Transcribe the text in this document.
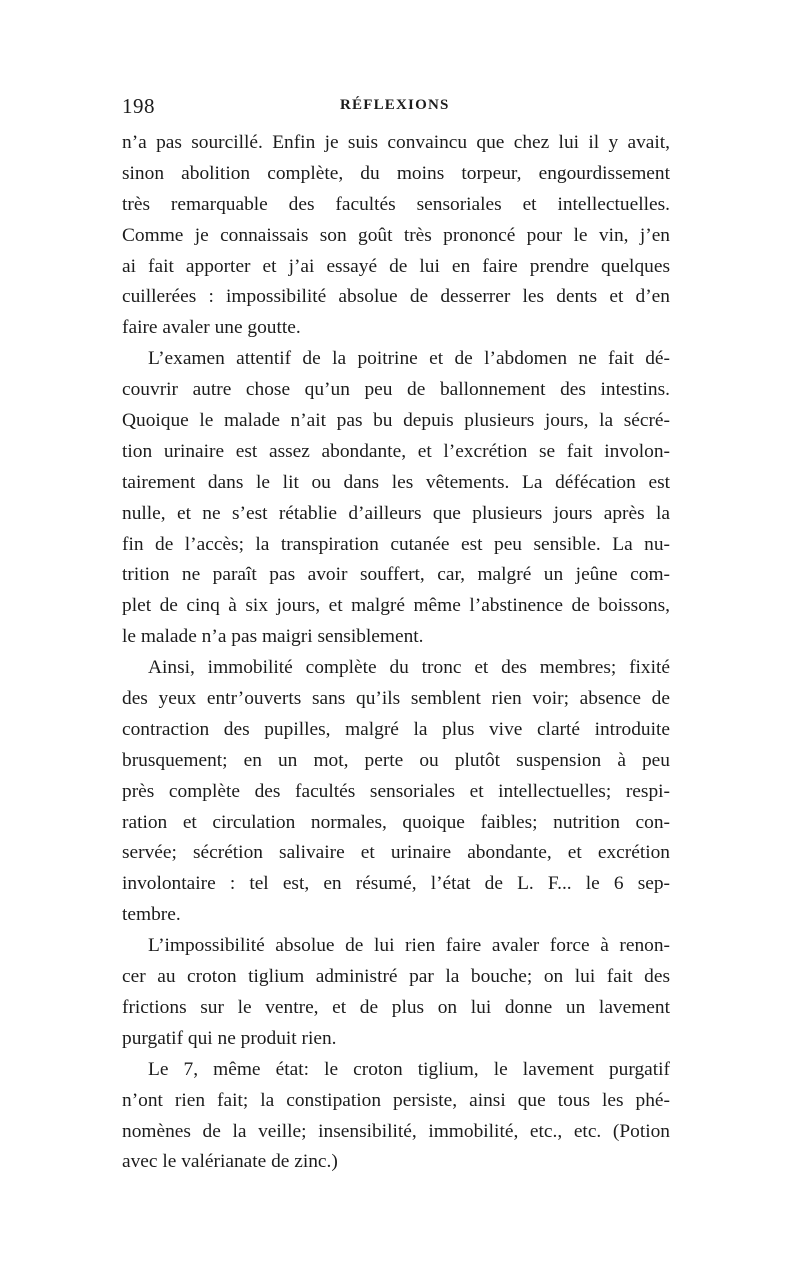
198	RÉFLEXIONS
n’a pas sourcillé. Enfin je suis convaincu que chez lui il y avait,
sinon abolition complète, du moins torpeur, engourdissement
très remarquable des facultés sensoriales et intellectuelles.
Comme je connaissais son goût très prononcé pour le vin, j’en
ai fait apporter et j’ai essayé de lui en faire prendre quelques
cuillerées : impossibilité absolue de desserrer les dents et d’en
faire avaler une goutte.
L’examen attentif de la poitrine et de l’abdomen ne fait dé-
couvrir autre chose qu’un peu de ballonnement des intestins.
Quoique le malade n’ait pas bu depuis plusieurs jours, la sécré-
tion urinaire est assez abondante, et l’excrétion se fait involon-
tairement dans le lit ou dans les vêtements. La défécation est
nulle, et ne s’est rétablie d’ailleurs que plusieurs jours après la
fin de l’accès; la transpiration cutanée est peu sensible. La nu-
trition ne paraît pas avoir souffert, car, malgré un jeûne com-
plet de cinq à six jours, et malgré même l’abstinence de boissons,
le malade n’a pas maigri sensiblement.
Ainsi, immobilité complète du tronc et des membres; fixité
des yeux entr’ouverts sans qu’ils semblent rien voir; absence de
contraction des pupilles, malgré la plus vive clarté introduite
brusquement; en un mot, perte ou plutôt suspension à peu
près complète des facultés sensoriales et intellectuelles; respi-
ration et circulation normales, quoique faibles; nutrition con-
servée; sécrétion salivaire et urinaire abondante, et excrétion
involontaire : tel est, en résumé, l’état de L. F... le 6 sep-
tembre.
L’impossibilité absolue de lui rien faire avaler force à renon-
cer au croton tiglium administré par la bouche; on lui fait des
frictions sur le ventre, et de plus on lui donne un lavement
purgatif qui ne produit rien.
Le 7, même état: le croton tiglium, le lavement purgatif
n’ont rien fait; la constipation persiste, ainsi que tous les phé-
nomènes de la veille; insensibilité, immobilité, etc., etc. (Potion
avec le valérianate de zinc.)
